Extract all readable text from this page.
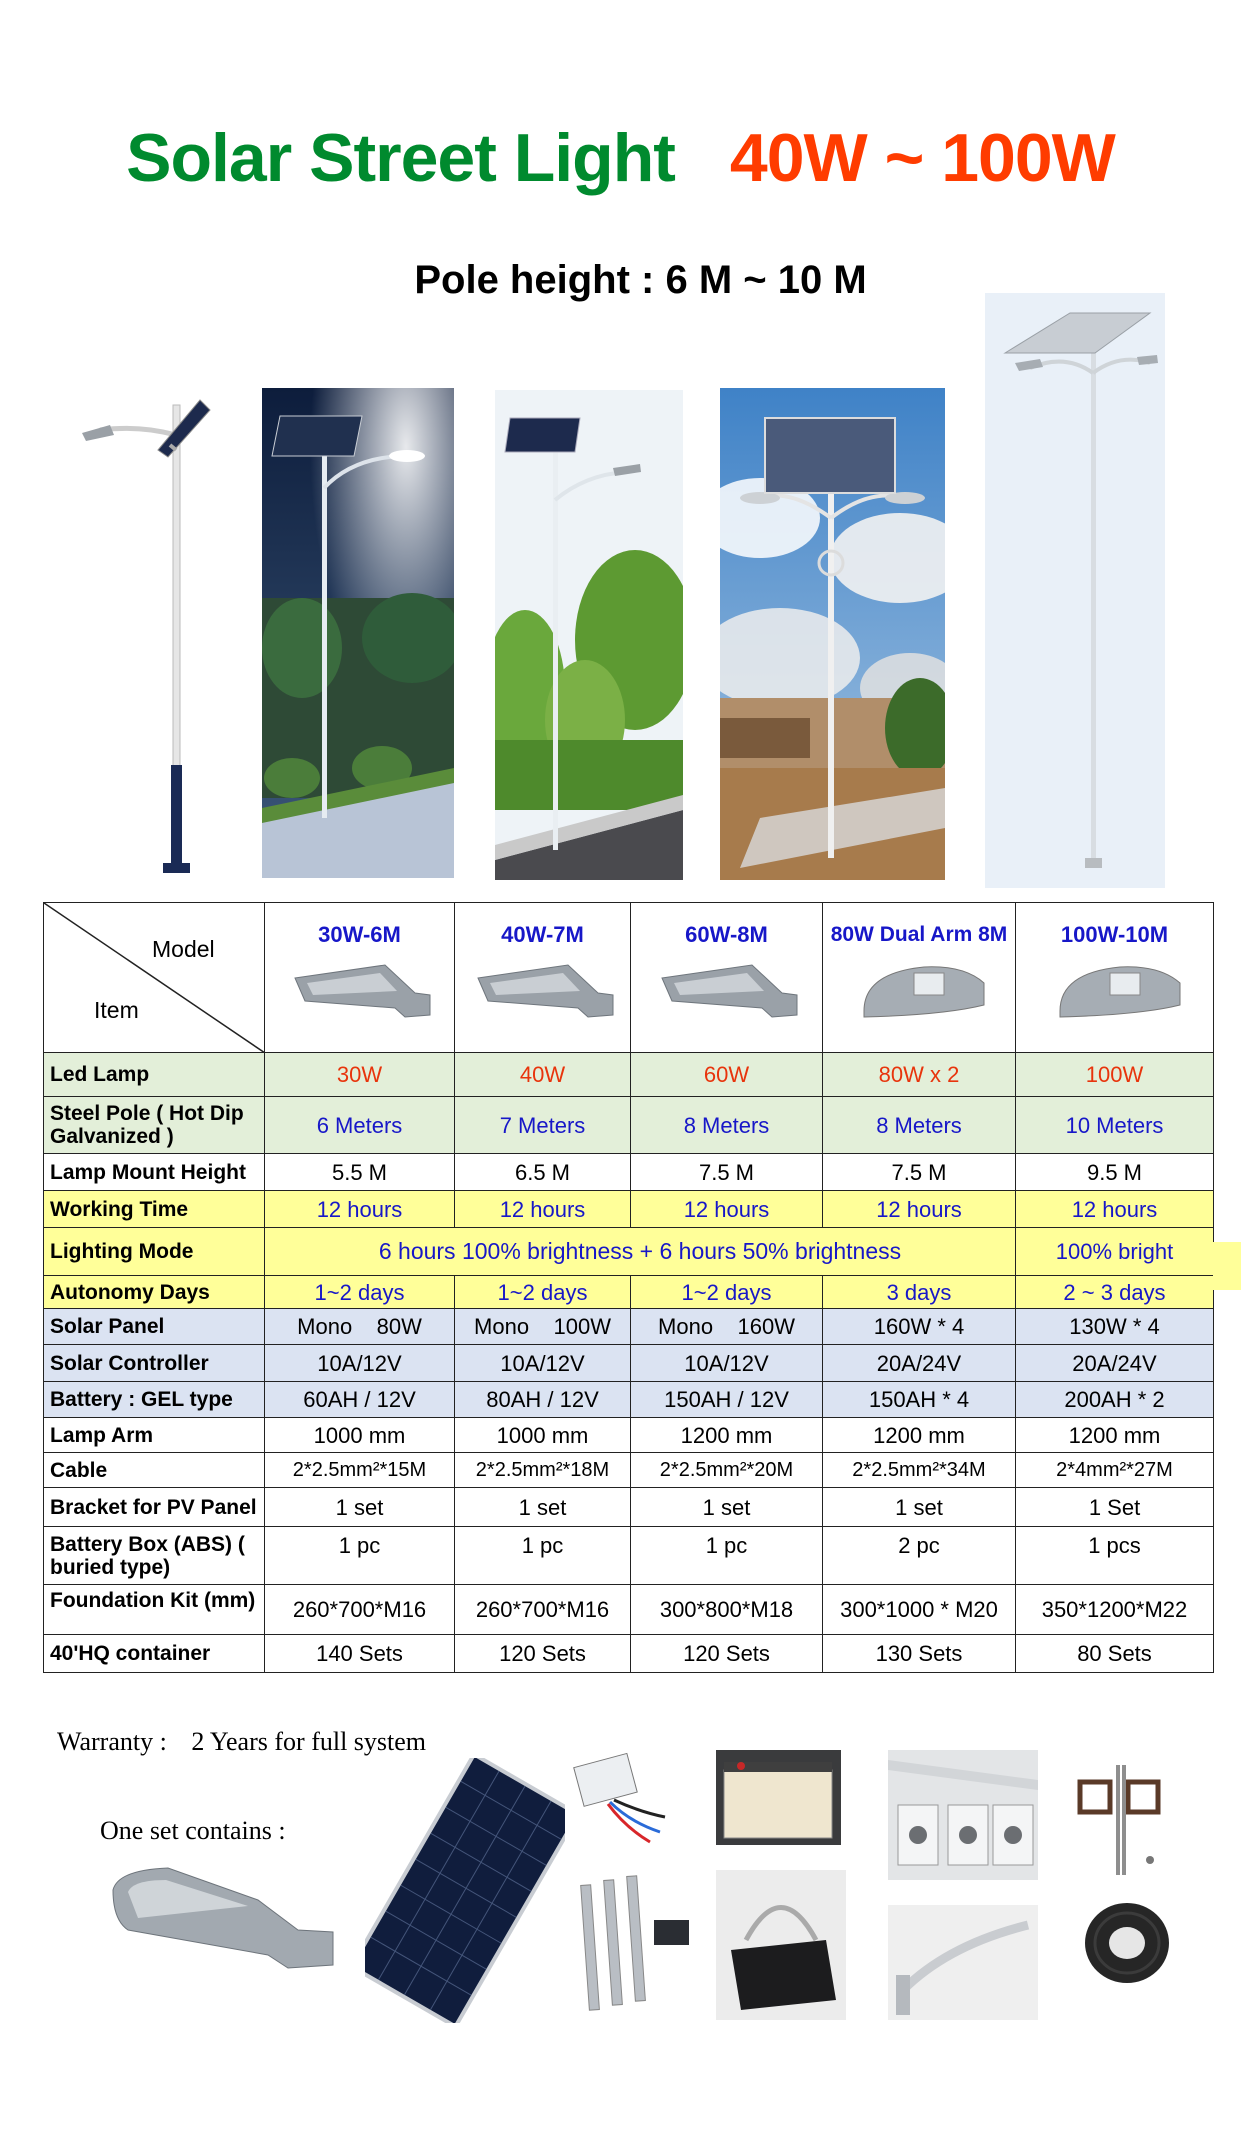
Solar Street Light 40W ~ 100W
Pole height : 6 M ~ 10 M
Model
Item	30W-6M	40W-7M	60W-8M	80W Dual Arm 8M	100W-10M

Led Lamp	30W	40W	60W	80W x 2	100W
Steel Pole ( Hot Dip Galvanized )	6 Meters	7 Meters	8 Meters	8 Meters	10 Meters
Lamp Mount Height	5.5 M	6.5 M	7.5 M	7.5 M	9.5 M
Working Time	12 hours	12 hours	12 hours	12 hours	12 hours
Lighting Mode	6 hours 100% brightness + 6 hours 50% brightness				100% bright
Autonomy Days	1~2 days	1~2 days	1~2 days	3 days	2 ~ 3 days
Solar Panel	Mono    80W	Mono    100W	Mono    160W	160W * 4	130W * 4
Solar Controller	10A/12V	10A/12V	10A/12V	20A/24V	20A/24V
Battery : GEL type	60AH / 12V	80AH / 12V	150AH / 12V	150AH * 4	200AH * 2
Lamp Arm	1000 mm	1000 mm	1200 mm	1200 mm	1200 mm
Cable	2*2.5mm²*15M	2*2.5mm²*18M	2*2.5mm²*20M	2*2.5mm²*34M	2*4mm²*27M
Bracket for PV Panel	1 set	1 set	1 set	1 set	1 Set
Battery Box (ABS) ( buried type)	1 pc	1 pc	1 pc	2 pc	1 pcs
Foundation Kit (mm)	260*700*M16	260*700*M16	300*800*M18	300*1000 * M20	350*1200*M22
40'HQ container	140 Sets	120 Sets	120 Sets	130 Sets	80 Sets
Warranty : 2 Years for full system
One set contains :
